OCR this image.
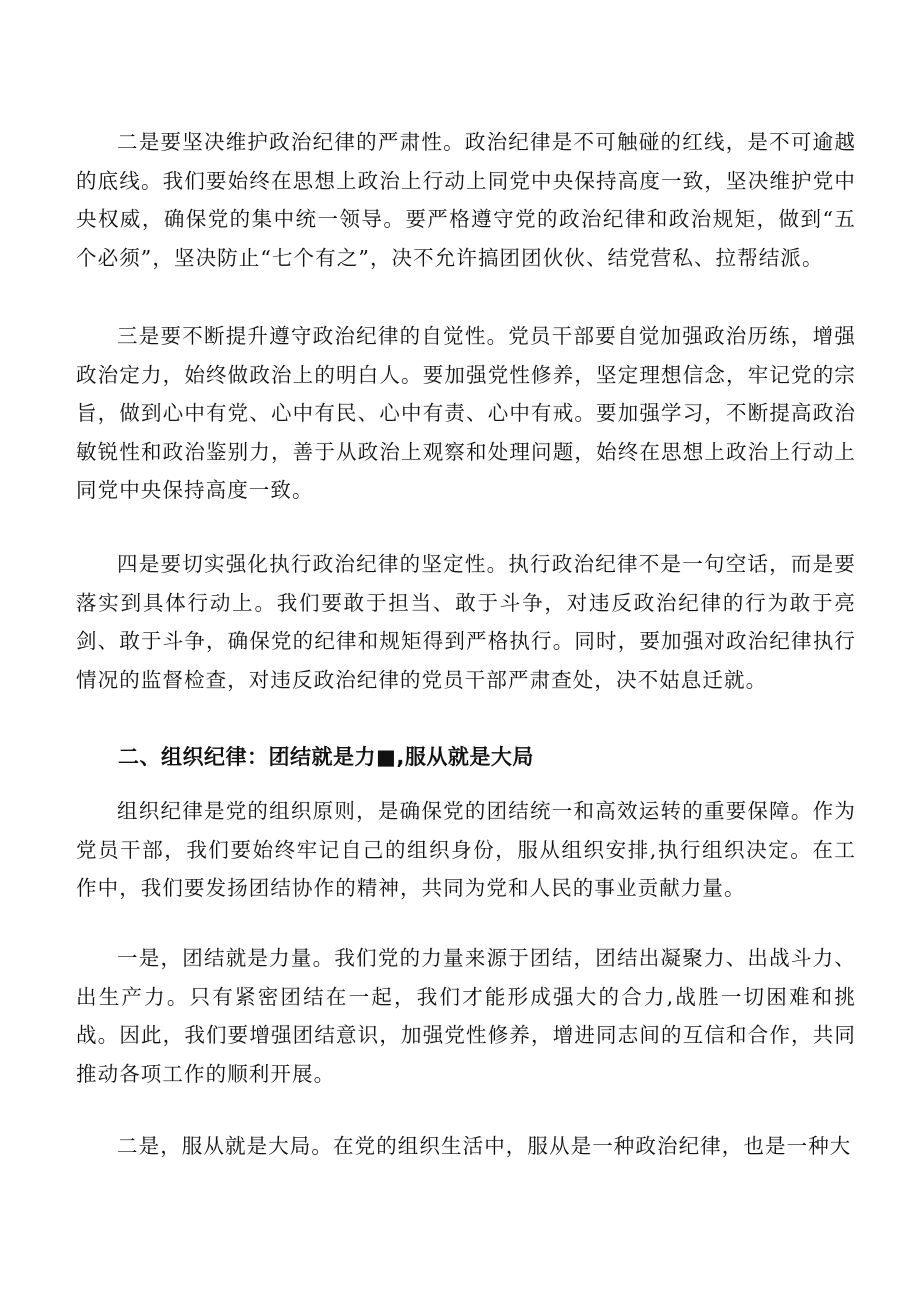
二是要坚决维护政治纪律的严肃性。政治纪律是不可触碰的红线，是不可逾越的底线。我们要始终在思想上政治上行动上同党中央保持高度一致，坚决维护党中央权威，确保党的集中统一领导。要严格遵守党的政治纪律和政治规矩，做到“五个必须”，坚决防止“七个有之”，决不允许搞团团伙伙、结党营私、拉帮结派。

三是要不断提升遵守政治纪律的自觉性。党员干部要自觉加强政治历练，增强政治定力，始终做政治上的明白人。要加强党性修养，坚定理想信念，牢记党的宗旨，做到心中有党、心中有民、心中有责、心中有戒。要加强学习，不断提高政治敏锐性和政治鉴别力，善于从政治上观察和处理问题，始终在思想上政治上行动上同党中央保持高度一致。

四是要切实强化执行政治纪律的坚定性。执行政治纪律不是一句空话，而是要落实到具体行动上。我们要敢于担当、敢于斗争，对违反政治纪律的行为敢于亮剑、敢于斗争，确保党的纪律和规矩得到严格执行。同时，要加强对政治纪律执行情况的监督检查，对违反政治纪律的党员干部严肃查处，决不姑息迁就。

二、组织纪律：团结就是力■,服从就是大局

组织纪律是党的组织原则，是确保党的团结统一和高效运转的重要保障。作为党员干部，我们要始终牢记自己的组织身份，服从组织安排,执行组织决定。在工作中，我们要发扬团结协作的精神，共同为党和人民的事业贡献力量。

一是，团结就是力量。我们党的力量来源于团结，团结出凝聚力、出战斗力、出生产力。只有紧密团结在一起，我们才能形成强大的合力,战胜一切困难和挑战。因此，我们要增强团结意识，加强党性修养，增进同志间的互信和合作，共同推动各项工作的顺利开展。

二是，服从就是大局。在党的组织生活中，服从是一种政治纪律，也是一种大
